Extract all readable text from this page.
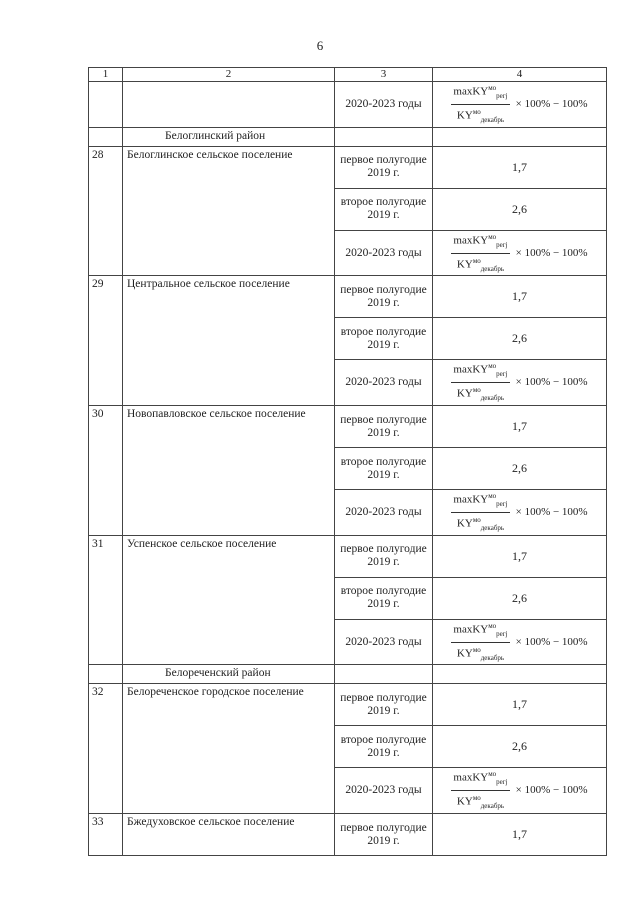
6
1	2	3	4
		2020-2023 годы	$\frac{maxKY^{мо}_{регj}}{KY^{мо}_{декабрь}} \times 100\% - 100\%$

	Белоглинский район		
28	Белоглинское сельское поселение	первое полугодие 2019 г.	1,7
		второе полугодие 2019 г.	2,6
		2020-2023 годы	$\frac{maxKY^{мо}_{регj}}{KY^{мо}_{декабрь}} \times 100\% - 100\%$

29	Центральное сельское поселение	первое полугодие 2019 г.	1,7
		второе полугодие 2019 г.	2,6
		2020-2023 годы	$\frac{maxKY^{мо}_{регj}}{KY^{мо}_{декабрь}} \times 100\% - 100\%$

30	Новопавловское сельское поселение	первое полугодие 2019 г.	1,7
		второе полугодие 2019 г.	2,6
		2020-2023 годы	$\frac{maxKY^{мо}_{регj}}{KY^{мо}_{декабрь}} \times 100\% - 100\%$

31	Успенское сельское поселение	первое полугодие 2019 г.	1,7
		второе полугодие 2019 г.	2,6
		2020-2023 годы	$\frac{maxKY^{мо}_{регj}}{KY^{мо}_{декабрь}} \times 100\% - 100\%$

	Белореченский район		
32	Белореченское городское поселение	первое полугодие 2019 г.	1,7
		второе полугодие 2019 г.	2,6
		2020-2023 годы	$\frac{maxKY^{мо}_{регj}}{KY^{мо}_{декабрь}} \times 100\% - 100\%$

33	Бжедуховское сельское поселение	первое полугодие 2019 г.	1,7
